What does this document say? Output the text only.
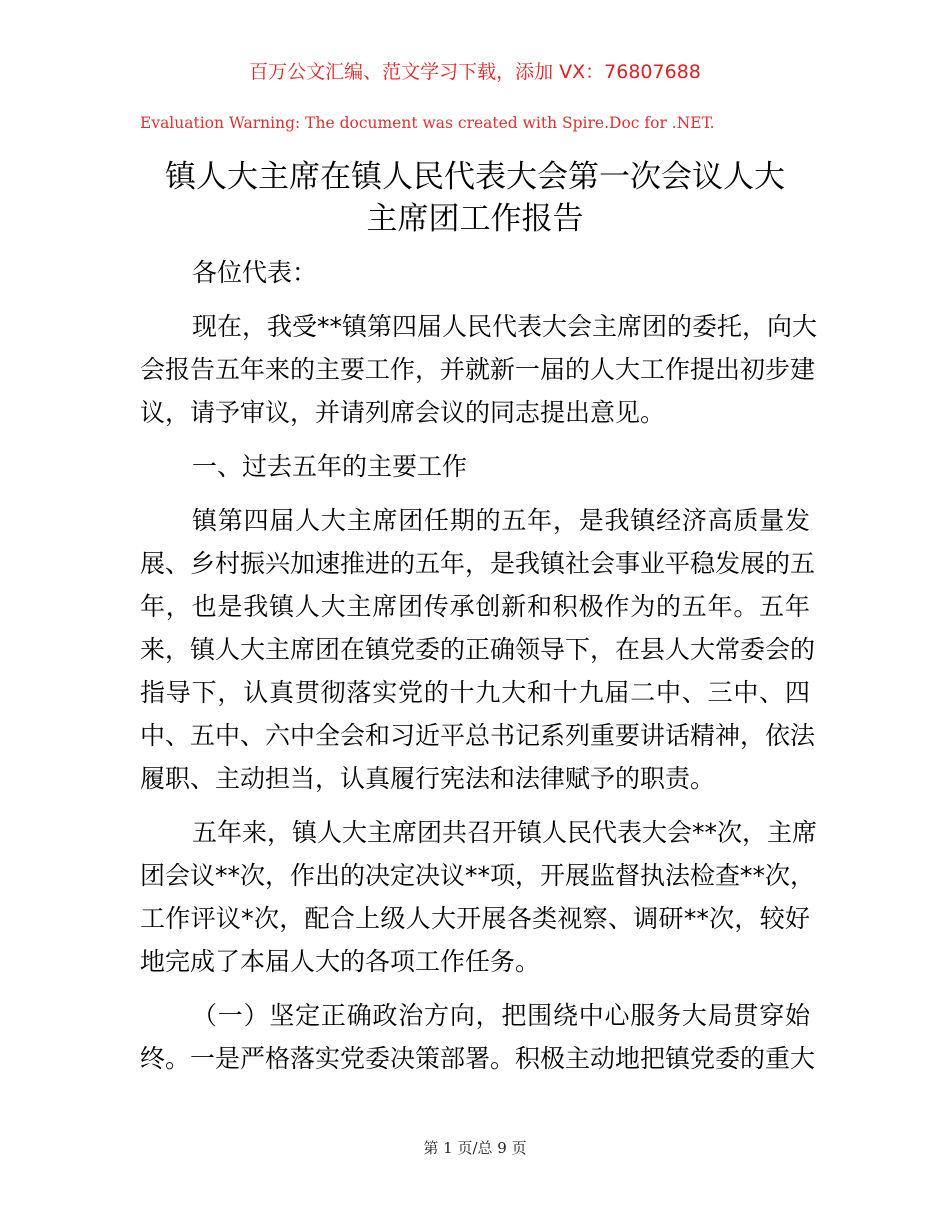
百万公文汇编、范文学习下载，添加 VX：76807688
Evaluation Warning: The document was created with Spire.Doc for .NET.
镇人大主席在镇人民代表大会第一次会议人大
主席团工作报告
各位代表：
现在，我受**镇第四届人民代表大会主席团的委托，向大
会报告五年来的主要工作，并就新一届的人大工作提出初步建
议，请予审议，并请列席会议的同志提出意见。
一、过去五年的主要工作
镇第四届人大主席团任期的五年，是我镇经济高质量发
展、乡村振兴加速推进的五年，是我镇社会事业平稳发展的五
年，也是我镇人大主席团传承创新和积极作为的五年。五年
来，镇人大主席团在镇党委的正确领导下，在县人大常委会的
指导下，认真贯彻落实党的十九大和十九届二中、三中、四
中、五中、六中全会和习近平总书记系列重要讲话精神，依法
履职、主动担当，认真履行宪法和法律赋予的职责。
五年来，镇人大主席团共召开镇人民代表大会**次，主席
团会议**次，作出的决定决议**项，开展监督执法检查**次，
工作评议*次，配合上级人大开展各类视察、调研**次，较好
地完成了本届人大的各项工作任务。
（一）坚定正确政治方向，把围绕中心服务大局贯穿始
终。一是严格落实党委决策部署。积极主动地把镇党委的重大
第 1 页/总 9 页
